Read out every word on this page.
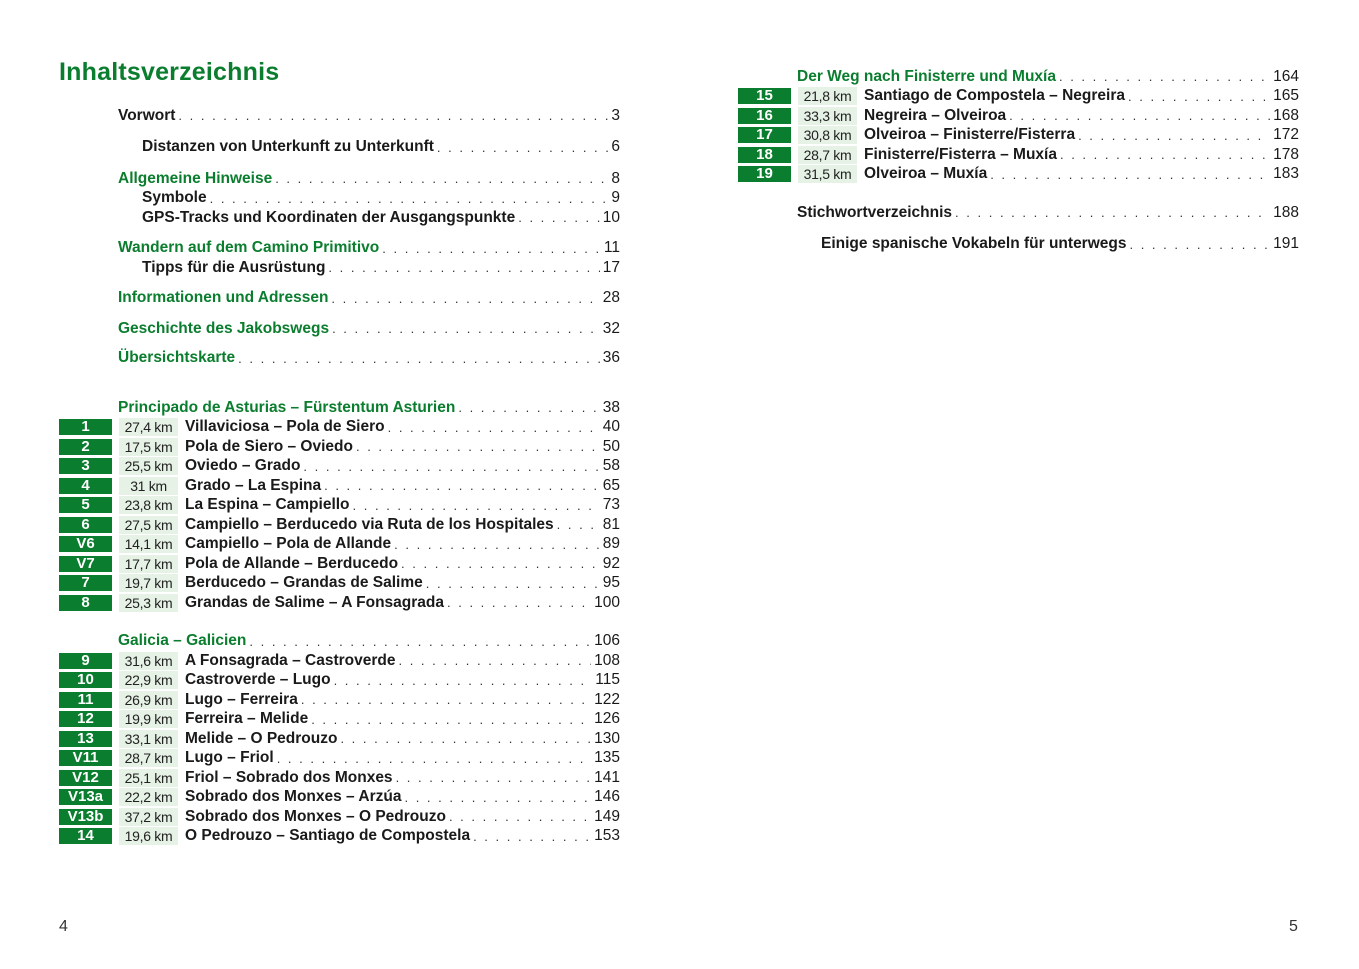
Inhaltsverzeichnis
Vorwort . . .	3
Distanzen von Unterkunft zu Unterkunft . . .	6
Allgemeine Hinweise . . .	8
Symbole . . .	9
GPS-Tracks und Koordinaten der Ausgangspunkte . . .	10
Wandern auf dem Camino Primitivo . . .	11
Tipps für die Ausrüstung . . .	17
Informationen und Adressen . . .	28
Geschichte des Jakobswegs . . .	32
Übersichtskarte . . .	36
Principado de Asturias – Fürstentum Asturien . . .	38
1	27,4 km Villaviciosa – Pola de Siero . . .	40
2	17,5 km Pola de Siero – Oviedo . . .	50
3	25,5 km Oviedo – Grado . . .	58
4	31 km	Grado – La Espina . . .	65
5	23,8 km La Espina – Campiello . . .	73
6	27,5 km Campiello – Berducedo via Ruta de los Hospitales . . .	81
V6	14,1 km Campiello – Pola de Allande . . .	89
V7	17,7 km Pola de Allande – Berducedo . . .	92
7	19,7 km Berducedo – Grandas de Salime . . .	95
8	25,3 km Grandas de Salime – A Fonsagrada . . .	100
Galicia – Galicien . . .	106
9	31,6 km A Fonsagrada – Castroverde . . .	108
10	22,9 km Castroverde – Lugo . . .	115
11	26,9 km Lugo – Ferreira . . .	122
12	19,9 km Ferreira – Melide . . .	126
13	33,1 km Melide – O Pedrouzo . . .	130
V11	28,7 km Lugo – Friol . . .	135
V12	25,1 km Friol – Sobrado dos Monxes . . .	141
V13a	22,2 km Sobrado dos Monxes – Arzúa . . .	146
V13b	37,2 km Sobrado dos Monxes – O Pedrouzo . . .	149
14	19,6 km O Pedrouzo – Santiago de Compostela . . .	153
Der Weg nach Finisterre und Muxía . . .	164
15	21,8 km Santiago de Compostela – Negreira . . .	165
16	33,3 km Negreira – Olveiroa . . .	168
17	30,8 km Olveiroa – Finisterre/Fisterra . . .	172
18	28,7 km Finisterre/Fisterra – Muxía . . .	178
19	31,5 km Olveiroa – Muxía . . .	183
Stichwortverzeichnis . . .	188
Einige spanische Vokabeln für unterwegs . . .	191
4	5
